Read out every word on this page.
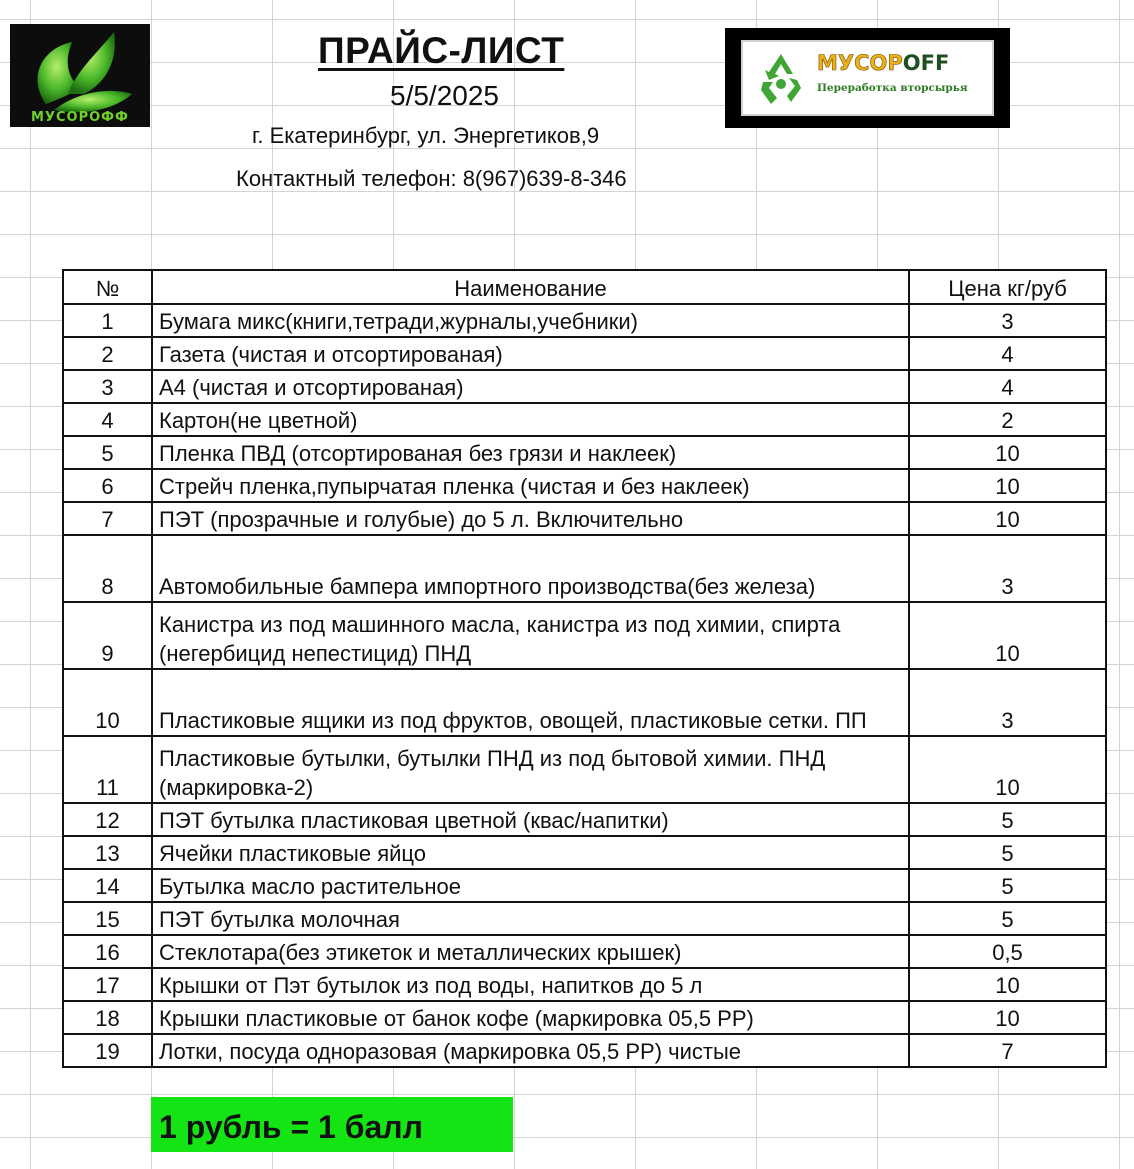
МУСОРОФФ
ПРАЙС-ЛИСТ
5/5/2025
г. Екатеринбург, ул. Энергетиков,9
Контактный телефон: 8(967)639-8-346
МУСОРOFF
Переработка вторсырья
№	Наименование	Цена кг/руб
1	Бумага микс(книги,тетради,журналы,учебники)	3
2	Газета (чистая и отсортированая)	4
3	А4 (чистая и отсортированая)	4
4	Картон(не цветной)	2
5	Пленка ПВД (отсортированая без грязи и наклеек)	10
6	Стрейч пленка,пупырчатая пленка (чистая и без наклеек)	10
7	ПЭТ (прозрачные и голубые) до 5 л. Включительно	10
8	Автомобильные бампера импортного производства(без железа)	3
9	Канистра из под машинного масла, канистра из под химии, спирта (негербицид непестицид) ПНД	10
10	Пластиковые ящики из под фруктов, овощей, пластиковые сетки. ПП	3
11	Пластиковые бутылки, бутылки ПНД из под бытовой химии. ПНД (маркировка-2)	10
12	ПЭТ бутылка пластиковая цветной (квас/напитки)	5
13	Ячейки пластиковые яйцо	5
14	Бутылка масло растительное	5
15	ПЭТ бутылка молочная	5
16	Стеклотара(без этикеток и металлических крышек)	0,5
17	Крышки от Пэт бутылок из под воды, напитков до 5 л	10
18	Крышки пластиковые от банок кофе (маркировка 05,5 PP)	10
19	Лотки, посуда одноразовая (маркировка 05,5 PP) чистые	7
1 рубль = 1 балл
